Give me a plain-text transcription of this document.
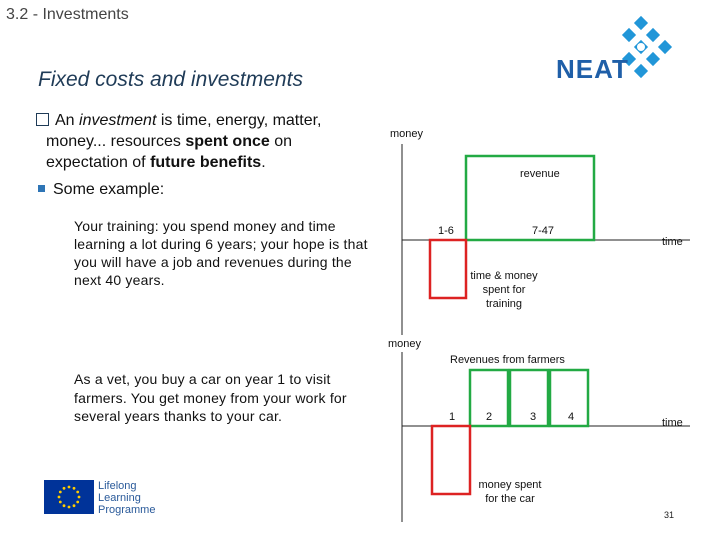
3.2 - Investments
NEAT
Fixed costs and investments
An investment is time, energy, matter,
money... resources spent once on
expectation of future benefits.
Some example:
Your training: you spend money and time learning a lot during 6 years; your hope is that you will have a job and revenues during the next 40 years.
As a vet, you buy a car on year 1 to visit farmers. You get money from your work for several years thanks to your car.
money
revenue
1-6	7-47
time
time & money
spent for
training
money
Revenues from farmers
1	2	3	4	time
money spent
for the car
Lifelong
Learning
Programme	31
